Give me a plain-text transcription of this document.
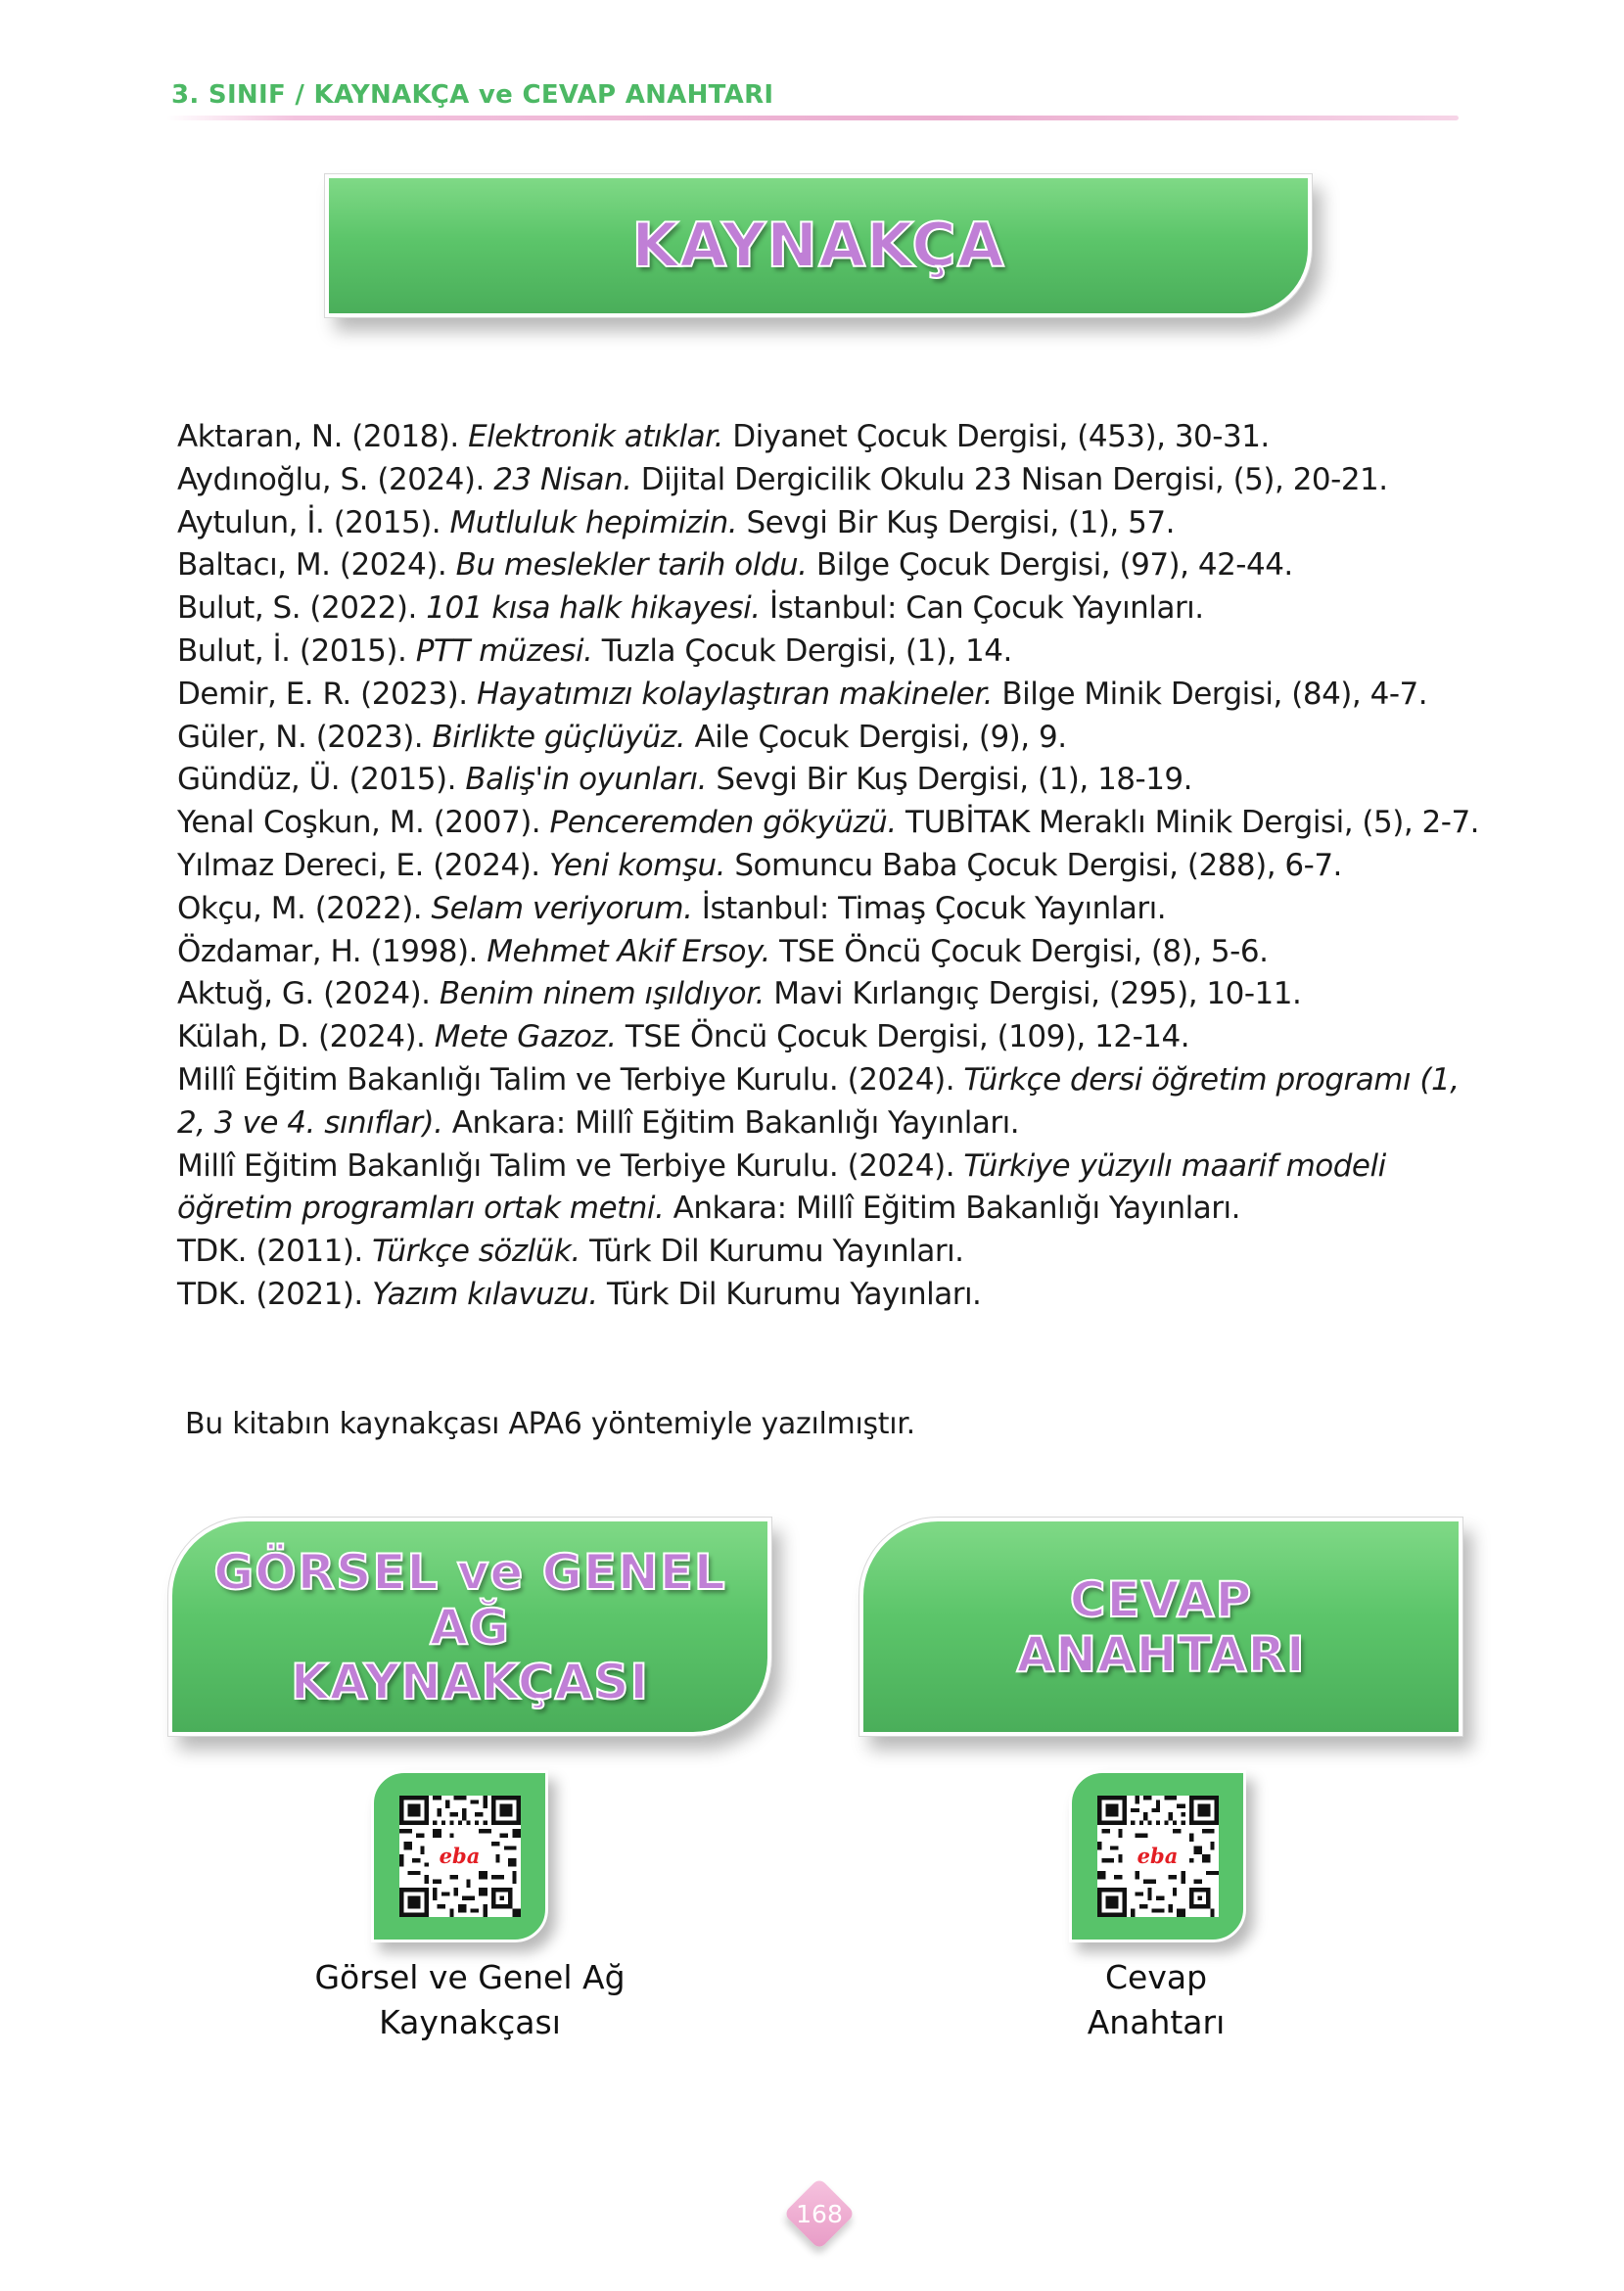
3. SINIF / KAYNAKÇA ve CEVAP ANAHTARI
KAYNAKÇA
Aktaran, N. (2018). Elektronik atıklar. Diyanet Çocuk Dergisi, (453), 30-31.
Aydınoğlu, S. (2024). 23 Nisan. Dijital Dergicilik Okulu 23 Nisan Dergisi, (5), 20-21.
Aytulun, İ. (2015). Mutluluk hepimizin. Sevgi Bir Kuş Dergisi, (1), 57.
Baltacı, M. (2024). Bu meslekler tarih oldu. Bilge Çocuk Dergisi, (97), 42-44.
Bulut, S. (2022). 101 kısa halk hikayesi. İstanbul: Can Çocuk Yayınları.
Bulut, İ. (2015). PTT müzesi. Tuzla Çocuk Dergisi, (1), 14.
Demir, E. R. (2023). Hayatımızı kolaylaştıran makineler. Bilge Minik Dergisi, (84), 4-7.
Güler, N. (2023). Birlikte güçlüyüz. Aile Çocuk Dergisi, (9), 9.
Gündüz, Ü. (2015). Baliş'in oyunları. Sevgi Bir Kuş Dergisi, (1), 18-19.
Yenal Coşkun, M. (2007). Penceremden gökyüzü. TUBİTAK Meraklı Minik Dergisi, (5), 2-7.
Yılmaz Dereci, E. (2024). Yeni komşu. Somuncu Baba Çocuk Dergisi, (288), 6-7.
Okçu, M. (2022). Selam veriyorum. İstanbul: Timaş Çocuk Yayınları.
Özdamar, H. (1998). Mehmet Akif Ersoy. TSE Öncü Çocuk Dergisi, (8), 5-6.
Aktuğ, G. (2024). Benim ninem ışıldıyor. Mavi Kırlangıç Dergisi, (295), 10-11.
Külah, D. (2024). Mete Gazoz. TSE Öncü Çocuk Dergisi, (109), 12-14.
Millî Eğitim Bakanlığı Talim ve Terbiye Kurulu. (2024). Türkçe dersi öğretim programı (1, 2, 3 ve 4. sınıflar). Ankara: Millî Eğitim Bakanlığı Yayınları.
Millî Eğitim Bakanlığı Talim ve Terbiye Kurulu. (2024). Türkiye yüzyılı maarif modeli öğretim programları ortak metni. Ankara: Millî Eğitim Bakanlığı Yayınları.
TDK. (2011). Türkçe sözlük. Türk Dil Kurumu Yayınları.
TDK. (2021). Yazım kılavuzu. Türk Dil Kurumu Yayınları.
Bu kitabın kaynakçası APA6 yöntemiyle yazılmıştır.
GÖRSEL ve GENEL AĞ
KAYNAKÇASI
CEVAP
ANAHTARI
eba
Görsel ve Genel Ağ
Kaynakçası
eba
Cevap
Anahtarı
168
